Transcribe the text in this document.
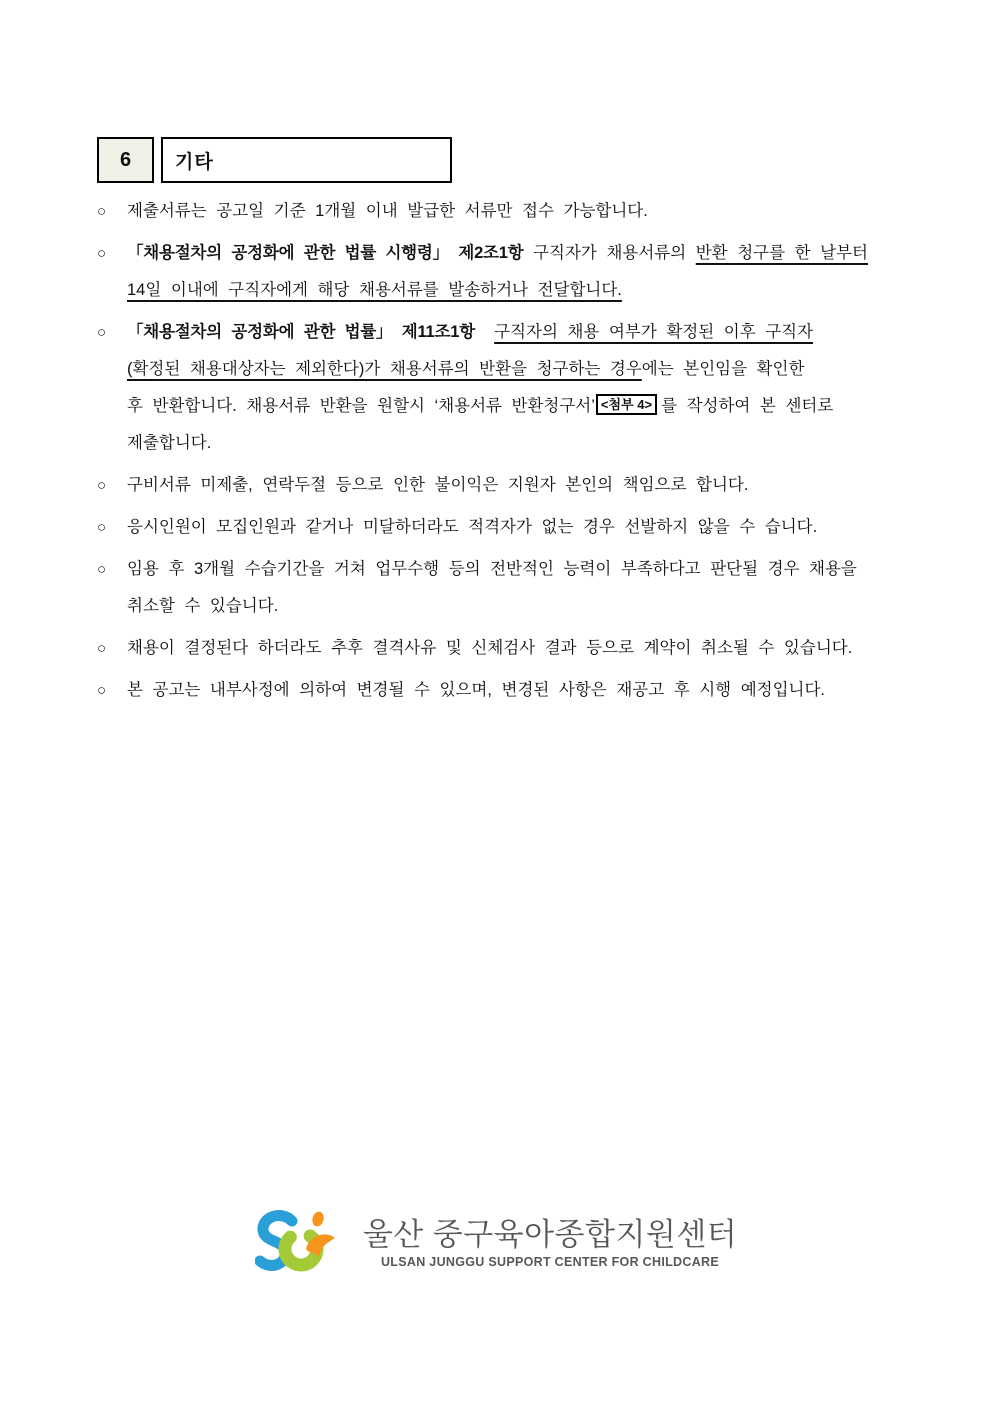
6 기타
○ 제출서류는 공고일 기준 1개월 이내 발급한 서류만 접수 가능합니다.
○ 「채용절차의 공정화에 관한 법률 시행령」 제2조1항 구직자가 채용서류의 반환 청구를 한 날부터
14일 이내에 구직자에게 해당 채용서류를 발송하거나 전달합니다.
○ 「채용절차의 공정화에 관한 법률」 제11조1항 구직자의 채용 여부가 확정된 이후 구직자
(확정된 채용대상자는 제외한다)가 채용서류의 반환을 청구하는 경우에는 본인임을 확인한
후 반환합니다. 채용서류 반환을 원할시 ‘채용서류 반환청구서’ <첨부 4> 를 작성하여 본 센터로
제출합니다.
○ 구비서류 미제출, 연락두절 등으로 인한 불이익은 지원자 본인의 책임으로 합니다.
○ 응시인원이 모집인원과 같거나 미달하더라도 적격자가 없는 경우 선발하지 않을 수 습니다.
○ 임용 후 3개월 수습기간을 거쳐 업무수행 등의 전반적인 능력이 부족하다고 판단될 경우 채용을
취소할 수 있습니다.
○ 채용이 결정된다 하더라도 추후 결격사유 및 신체검사 결과 등으로 계약이 취소될 수 있습니다.
○ 본 공고는 내부사정에 의하여 변경될 수 있으며, 변경된 사항은 재공고 후 시행 예정입니다.
울산 중구육아종합지원센터
ULSAN JUNGGU SUPPORT CENTER FOR CHILDCARE
